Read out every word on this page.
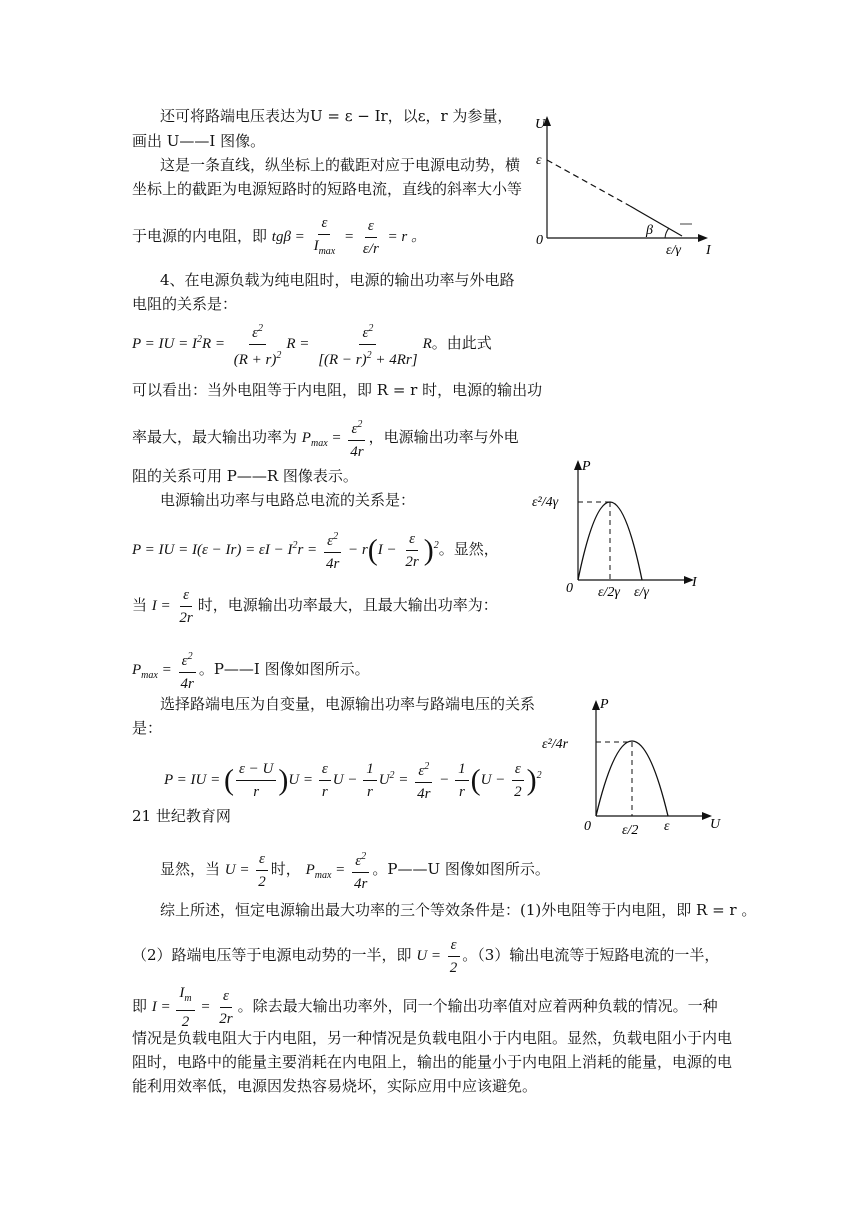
还可将路端电压表达为U = ε − Ir，以ε，r 为参量，
画出 U——I 图像。
这是一条直线，纵坐标上的截距对应于电源电动势，横
坐标上的截距为电源短路时的短路电流，直线的斜率大小等
于电源的内电阻，即 tgβ =
ε
$I_{max}$
= $\frac{\varepsilon}{\varepsilon/r} = r$ 。
U
I
ε
0
ε/γ
β
4、在电源负载为纯电阻时，电源的输出功率与外电路
电阻的关系是：
P = IU = $I^2R = \frac{\varepsilon^2}{(R + r)^2}$ $R = \frac{\varepsilon^2}{[(R - r)^2 + 4Rr]}$ R。由此式
可以看出：当外电阻等于内电阻，即 R = r 时，电源的输出功
率最大，最大输出功率为 $P_{max} = \frac{\varepsilon^2}{4r}$ ，电源输出功率与外电
阻的关系可用 P——R 图像表示。
电源输出功率与电路总电流的关系是：
P = IU = $I(\varepsilon - Ir) = \varepsilon I - I^2r = \frac{\varepsilon^2}{4r} - r(I - \frac{\varepsilon}{2r} )^2$。显然，
当 $I = \frac{\varepsilon}{2r}$ 时，电源输出功率最大，且最大输出功率为：
$P_{max} = \frac{\varepsilon^2}{4r}$ 。P——I 图像如图所示。
P
I
ε²/4γ
0 ε/2γ ε/γ
选择路端电压为自变量，电源输出功率与路端电压的关系
是：
P = IU = ( $\frac{\varepsilon - U}{r} )U = \frac{\varepsilon}{r}$ $U - \frac{1}{r} U^2 = \frac{\varepsilon^2}{4r} - \frac{1}{r} (U - \frac{\varepsilon}{2} )^2$
21 世纪教育网
显然，当 $U = \frac{\varepsilon}{2}$ 时， $P_{max} = \frac{\varepsilon^2}{4r}$ 。P——U 图像如图所示。
P
U
ε²/4r
0 ε/2 ε
综上所述，恒定电源输出最大功率的三个等效条件是：(1)外电阻等于内电阻，即 R = r 。
（2）路端电压等于电源电动势的一半，即 $U = \frac{\varepsilon}{2}$ 。（3）输出电流等于短路电流的一半，
即 $I = \frac{I_m}{2} = \frac{\varepsilon}{2r}$ 。除去最大输出功率外，同一个输出功率值对应着两种负载的情况。一种
情况是负载电阻大于内电阻，另一种情况是负载电阻小于内电阻。显然，负载电阻小于内电
阻时，电路中的能量主要消耗在内电阻上，输出的能量小于内电阻上消耗的能量，电源的电
能利用效率低，电源因发热容易烧坏，实际应用中应该避免。
